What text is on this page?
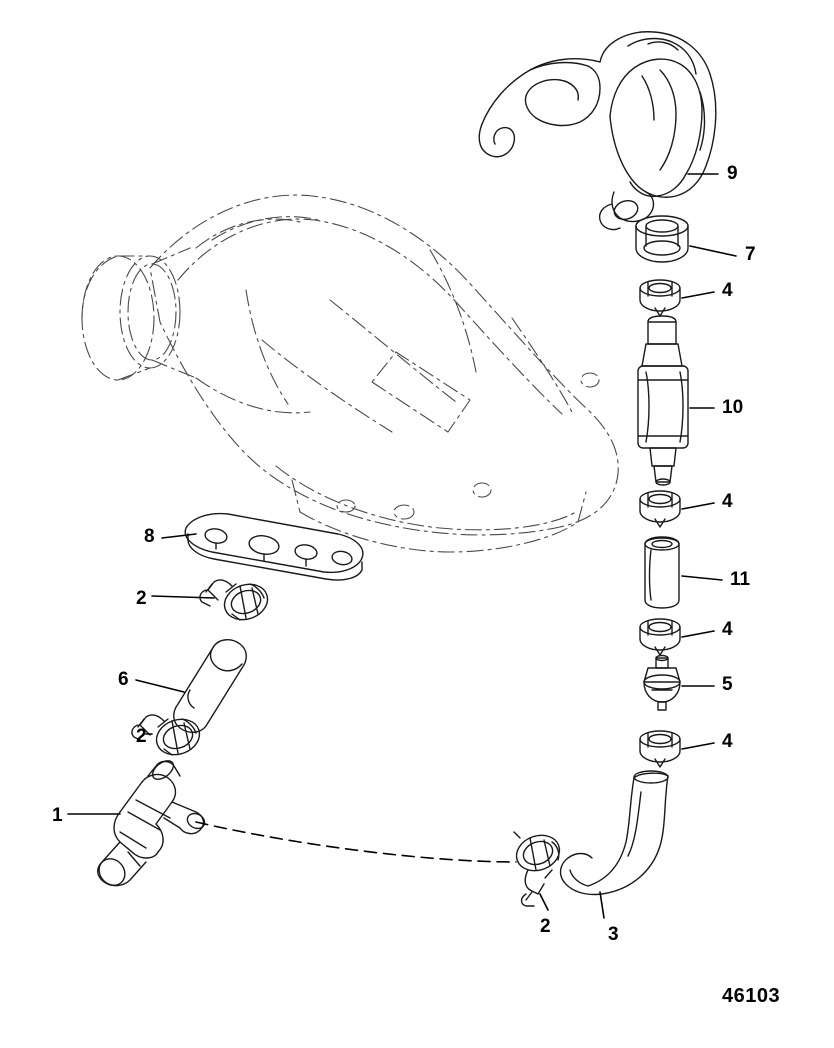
1
2
2
2	3
4
4
4
4
5
6
7
8
9
10
11
46103
